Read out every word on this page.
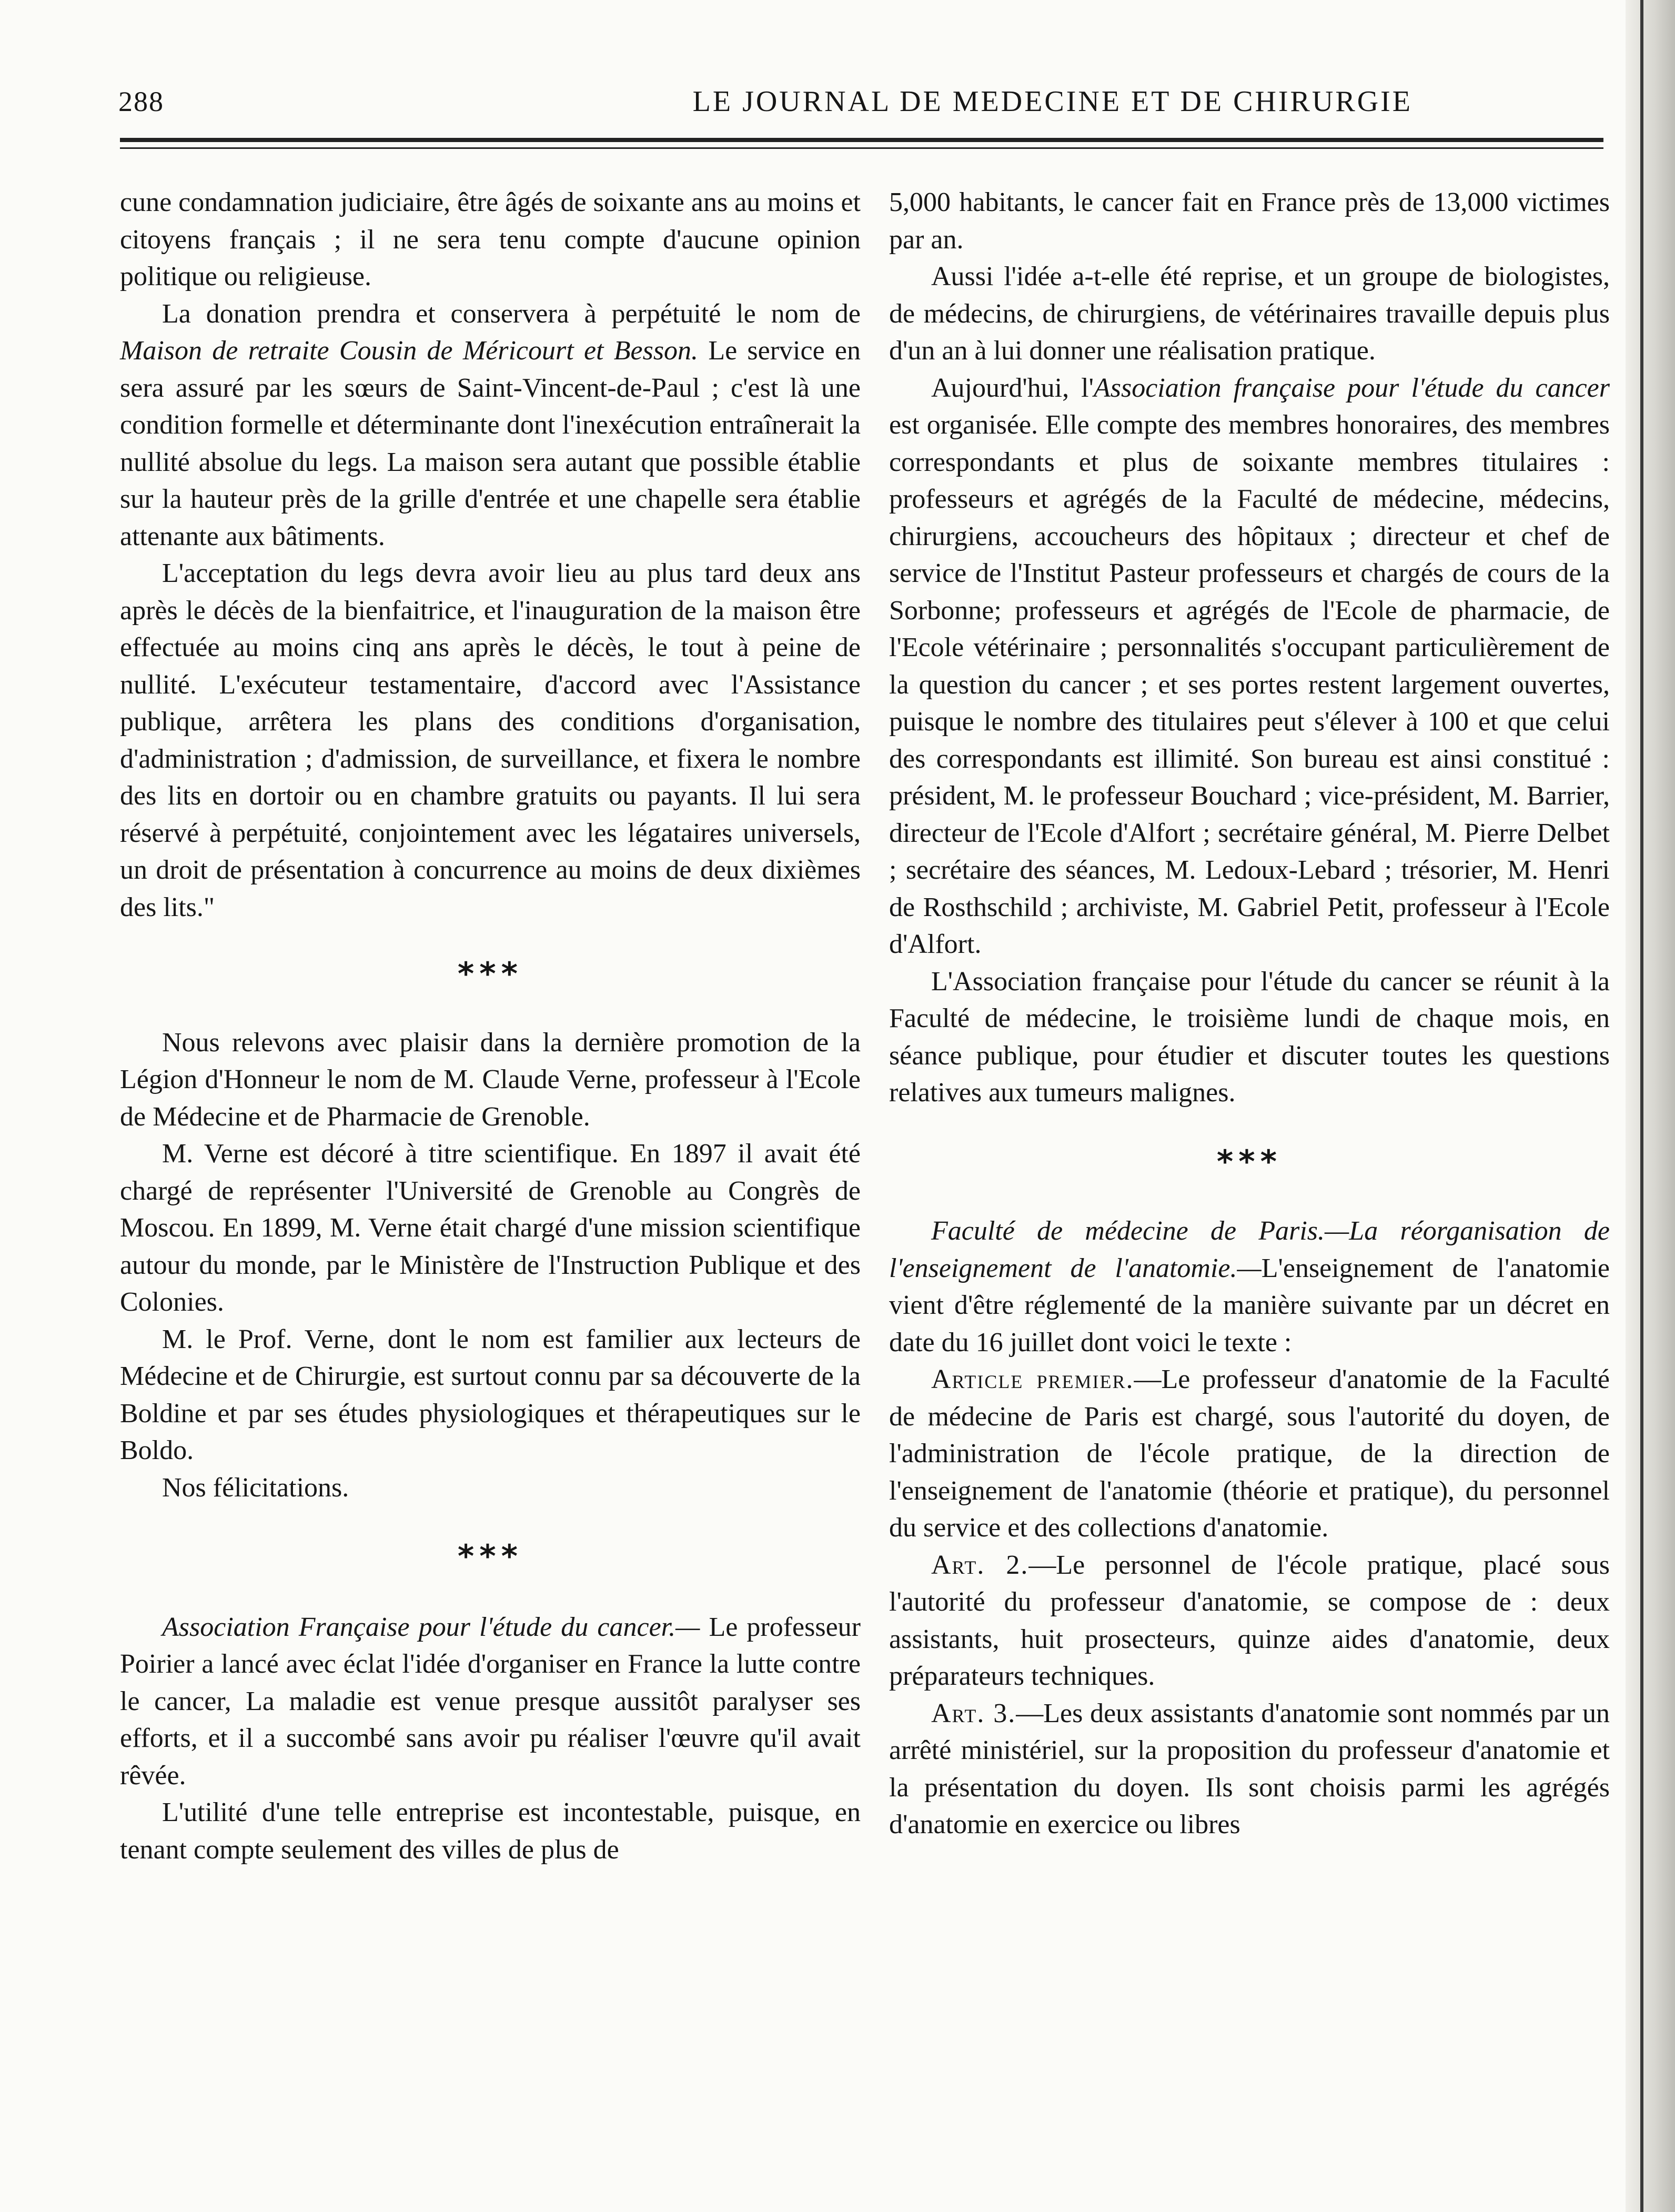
288	LE JOURNAL DE MEDECINE ET DE CHIRURGIE

cune condamnation judiciaire, être âgés de soixante ans au moins et citoyens français ; il ne sera tenu compte d'aucune opinion politique ou religieuse.

La donation prendra et conservera à perpétuité le nom de Maison de retraite Cousin de Méricourt et Besson. Le service en sera assuré par les sœurs de Saint-Vincent-de-Paul ; c'est là une condition formelle et déterminante dont l'inexécution entraînerait la nullité absolue du legs. La maison sera autant que possible établie sur la hauteur près de la grille d'entrée et une chapelle sera établie attenante aux bâtiments.

L'acceptation du legs devra avoir lieu au plus tard deux ans après le décès de la bienfaitrice, et l'inauguration de la maison être effectuée au moins cinq ans après le décès, le tout à peine de nullité. L'exécuteur testamentaire, d'accord avec l'Assistance publique, arrêtera les plans des conditions d'organisation, d'administration ; d'admission, de surveillance, et fixera le nombre des lits en dortoir ou en chambre gratuits ou payants. Il lui sera réservé à perpétuité, conjointement avec les légataires universels, un droit de présentation à concurrence au moins de deux dixièmes des lits."

***

Nous relevons avec plaisir dans la dernière promotion de la Légion d'Honneur le nom de M. Claude Verne, professeur à l'Ecole de Médecine et de Pharmacie de Grenoble.

M. Verne est décoré à titre scientifique. En 1897 il avait été chargé de représenter l'Université de Grenoble au Congrès de Moscou. En 1899, M. Verne était chargé d'une mission scientifique autour du monde, par le Ministère de l'Instruction Publique et des Colonies.

M. le Prof. Verne, dont le nom est familier aux lecteurs de Médecine et de Chirurgie, est surtout connu par sa découverte de la Boldine et par ses études physiologiques et thérapeutiques sur le Boldo.

Nos félicitations.

***

Association Française pour l'étude du cancer.— Le professeur Poirier a lancé avec éclat l'idée d'organiser en France la lutte contre le cancer, La maladie est venue presque aussitôt paralyser ses efforts, et il a succombé sans avoir pu réaliser l'œuvre qu'il avait rêvée.

L'utilité d'une telle entreprise est incontestable, puisque, en tenant compte seulement des villes de plus de

5,000 habitants, le cancer fait en France près de 13,000 victimes par an.

Aussi l'idée a-t-elle été reprise, et un groupe de biologistes, de médecins, de chirurgiens, de vétérinaires travaille depuis plus d'un an à lui donner une réalisation pratique.

Aujourd'hui, l'Association française pour l'étude du cancer est organisée. Elle compte des membres honoraires, des membres correspondants et plus de soixante membres titulaires : professeurs et agrégés de la Faculté de médecine, médecins, chirurgiens, accoucheurs des hôpitaux ; directeur et chef de service de l'Institut Pasteur professeurs et chargés de cours de la Sorbonne; professeurs et agrégés de l'Ecole de pharmacie, de l'Ecole vétérinaire ; personnalités s'occupant particulièrement de la question du cancer ; et ses portes restent largement ouvertes, puisque le nombre des titulaires peut s'élever à 100 et que celui des correspondants est illimité. Son bureau est ainsi constitué : président, M. le professeur Bouchard ; vice-président, M. Barrier, directeur de l'Ecole d'Alfort ; secrétaire général, M. Pierre Delbet ; secrétaire des séances, M. Ledoux-Lebard ; trésorier, M. Henri de Rosthschild ; archiviste, M. Gabriel Petit, professeur à l'Ecole d'Alfort.

L'Association française pour l'étude du cancer se réunit à la Faculté de médecine, le troisième lundi de chaque mois, en séance publique, pour étudier et discuter toutes les questions relatives aux tumeurs malignes.

***

Faculté de médecine de Paris.—La réorganisation de l'enseignement de l'anatomie.—L'enseignement de l'anatomie vient d'être réglementé de la manière suivante par un décret en date du 16 juillet dont voici le texte :

Article premier.—Le professeur d'anatomie de la Faculté de médecine de Paris est chargé, sous l'autorité du doyen, de l'administration de l'école pratique, de la direction de l'enseignement de l'anatomie (théorie et pratique), du personnel du service et des collections d'anatomie.

Art. 2.—Le personnel de l'école pratique, placé sous l'autorité du professeur d'anatomie, se compose de : deux assistants, huit prosecteurs, quinze aides d'anatomie, deux préparateurs techniques.

Art. 3.—Les deux assistants d'anatomie sont nommés par un arrêté ministériel, sur la proposition du professeur d'anatomie et la présentation du doyen. Ils sont choisis parmi les agrégés d'anatomie en exercice ou libres
